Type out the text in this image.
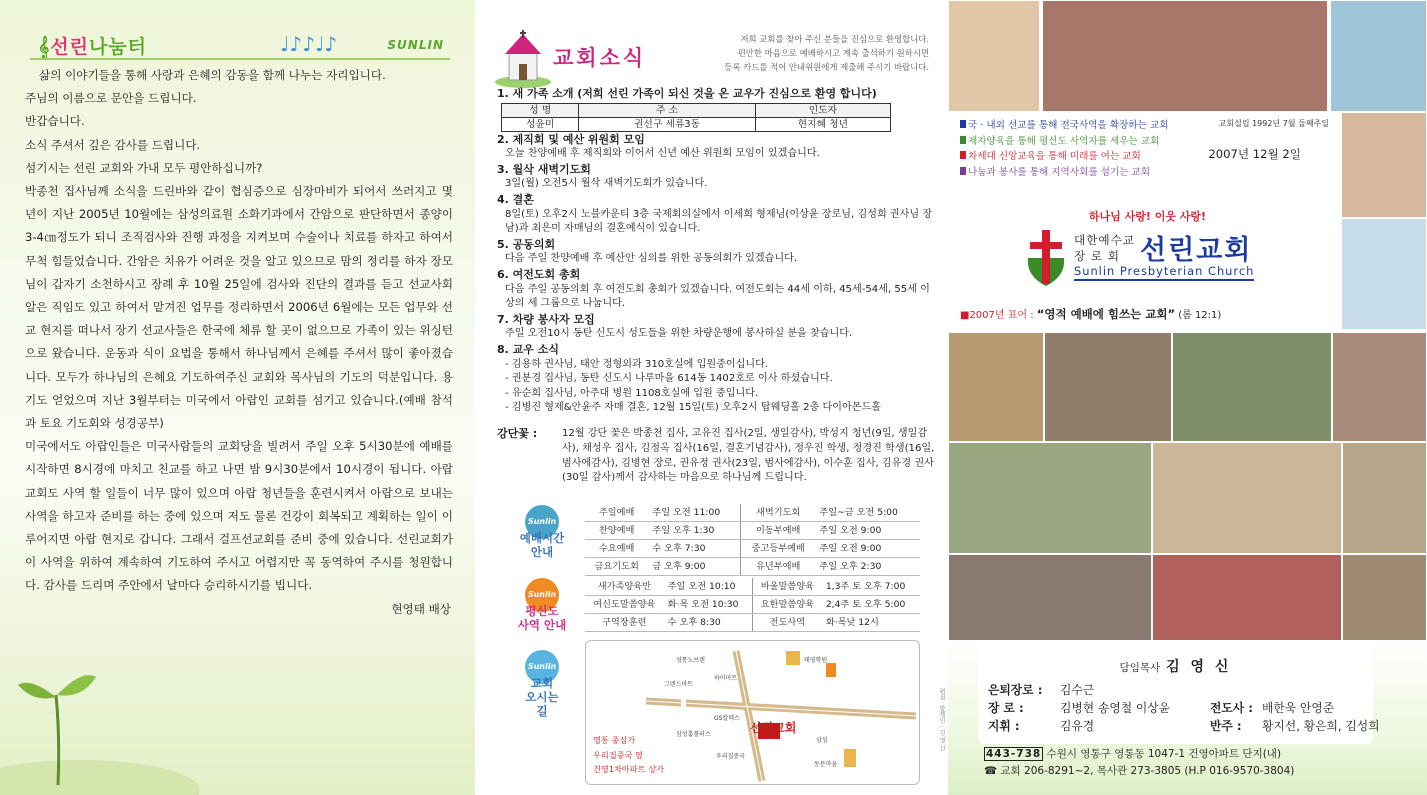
𝄞선린나눔터	♩♪♪♩♪	SUNLIN

삶의 이야기들을 통해 사랑과 은혜의 감동을 함께 나누는 자리입니다.

주님의 이름으로 문안을 드립니다.

반갑습니다.

소식 주셔서 깊은 감사를 드립니다.

섬기시는 선린 교회와 가내 모두 평안하십니까?

박종천 집사님께 소식을 드린바와 같이 협심증으로 심장마비가 되어서 쓰러지고 몇 년이 지난 2005년 10월에는 삼성의료원 소화기과에서 간암으로 판단하면서 종양이 3-4㎝정도가 되니 조직검사와 진행 과정을 지켜보며 수술이나 치료를 하자고 하여서 무척 힘들었습니다. 간암은 치유가 어려운 것을 알고 있으므로 맘의 정리를 하자 장모님이 갑자기 소천하시고 장례 후 10월 25일에 검사와 진단의 결과를 듣고 선교사회 알은 직임도 있고 하여서 맡겨진 업무를 정리하면서 2006년 6월에는 모든 업무와 선교 현지를 떠나서 장기 선교사들은 한국에 체류 할 곳이 없으므로 가족이 있는 위싱턴으로 왔습니다. 운동과 식이 요법을 통해서 하나님께서 은혜를 주셔서 많이 좋아졌습니다. 모두가 하나님의 은혜요 기도하여주신 교회와 목사님의 기도의 덕분입니다. 용기도 얻었으며 지난 3월부터는 미국에서 아랍인 교회를 섬기고 있습니다.(예배 참석과 토요 기도회와 성경공부)

미국에서도 아랍인들은 미국사람들의 교회당을 빌려서 주일 오후 5시30분에 예배를 시작하면 8시경에 마치고 친교를 하고 나면 밤 9시30분에서 10시경이 됩니다. 아랍교회도 사역 할 일들이 너무 많이 있으며 아랍 청년들을 훈련시켜서 아랍으로 보내는 사역을 하고자 준비를 하는 중에 있으며 저도 물론 건강이 회복되고 계획하는 일이 이루어지면 아랍 현지로 갑니다. 그래서 걸프선교회를 준비 중에 있습니다. 선린교회가 이 사역을 위하여 계속하여 기도하여 주시고 어렵지만 꼭 동역하여 주시를 청원합니다. 감사를 드리며 주안에서 날마다 승리하시기를 빕니다.

현영태 배상

교회소식
저희 교회를 찾아 주신 분들을 진심으로 환영합니다.
편안한 마음으로 예배하시고 계속 출석하기 원하시면
등록 카드를 적어 안내위원에게 제출해 주시기 바랍니다.
1. 새 가족 소개 (저희 선린 가족이 되신 것을 온 교우가 진심으로 환영 합니다)
성 명	주 소	인도자
성윤미	권선구 세류3동	현지혜 청년
2. 제직회 및 예산 위원회 모임
오늘 찬양예배 후 제직회와 이어서 신년 예산 위원회 모임이 있겠습니다.
3. 월삭 새벽기도회
3일(월) 오전5시 월삭 새벽기도회가 있습니다.
4. 결혼
8일(토) 오후2시 노블카운티 3층 국제회의실에서 이세희 형제님(이상윤 장로님, 김성희 권사님 장남)과 최은미 자매님의 결혼예식이 있습니다.
5. 공동의회
다음 주일 찬양예배 후 예산안 심의를 위한 공동의회가 있겠습니다.
6. 여전도회 총회
다음 주일 공동의회 후 여전도회 총회가 있겠습니다. 여전도회는 44세 이하, 45세-54세, 55세 이상의 세 그룹으로 나눕니다.
7. 차량 봉사자 모집
주일 오전10시 동탄 신도시 성도들을 위한 차량운행에 봉사하실 분을 찾습니다.
8. 교우 소식
- 김용하 권사님, 태안 정형외과 310호실에 입원중이십니다.
- 권분경 집사님, 동탄 신도시 나루마을 614동 1402호로 이사 하셨습니다.
- 유순희 집사님, 아주대 병원 1108호실에 입원 중입니다.
- 김병진 형제&안윤주 자매 결혼, 12월 15일(토) 오후2시 탑웨딩홀 2층 다이아몬드홀
강단꽃 :	12월 강단 꽃은 박종천 집사, 고유진 집사(2일, 생일감사), 박성지 청년(9일, 생일감사), 채성우 집사, 김정옥 집사(16일, 결혼기념감사), 정우진 학생, 정경진 학생(16일, 범사에감사), 김병현 장로, 권유정 권사(23일, 범사에감사), 이수훈 집사, 김유경 권사(30일 감사)께서 감사하는 마음으로 하나님께 드립니다.
Sunlin
예배시간
안내
주일예배	주일 오전 11:00	새벽기도회	주일~금 오전 5:00
찬양예배	주일 오후 1:30	이동부예배	주일 오전 9:00
수요예배	수 오후 7:30	중고등부예배	주일 오전 9:00
금요기도회	금 오후 9:00	유년부예배	주일 오후 2:30
Sunlin
평신도
사역 안내
새가족양육반	주일 오전 10:10	바울말씀양육	1,3주 토 오후 7:00
여신도말씀양육	화·목 오전 10:30	요한말씀양육	2,4주 토 오후 5:00
구역장훈련	수 오후 8:30	전도사역	화·목낮 12시
Sunlin
교회
오시는
길
영통노브랜
그랜드마트
하이마트
GS칼텍스
삼성홈플러스
우리집중국
태영학원
삼성
동문마을
선린교회
영통 중심가
우리집중국 옆
건영1차아파트 상가
편집 · 발행인 : 김 영 신
국 · 내외 선교를 통해 전국사역을 확장하는 교회
제자양육을 통해 평신도 사역자를 세우는 교회
차세대 신앙교육을 통해 미래를 여는 교회
나눔과 봉사를 통해 지역사회를 섬기는 교회
교회설립 1992년 7월 둘째주일
2007년 12월 2일
하나님 사랑! 이웃 사랑!
대한예수교
장 로 회 선린교회
Sunlin Presbyterian Church
■2007년 표어 : “영적 예배에 힘쓰는 교회” (롬 12:1)
담임목사 김 영 신
은퇴장로 : 김수근
장 로 :	김병현 송영철 이상윤	전도사 : 배한욱 안영준
지휘 :	김유경	반주 : 황지선, 황은희, 김성희
443-738 수원시 영통구 영통동 1047-1 건영아파트 단지(내)
☎ 교회 206-8291~2, 목사관 273-3805 (H.P 016-9570-3804)
